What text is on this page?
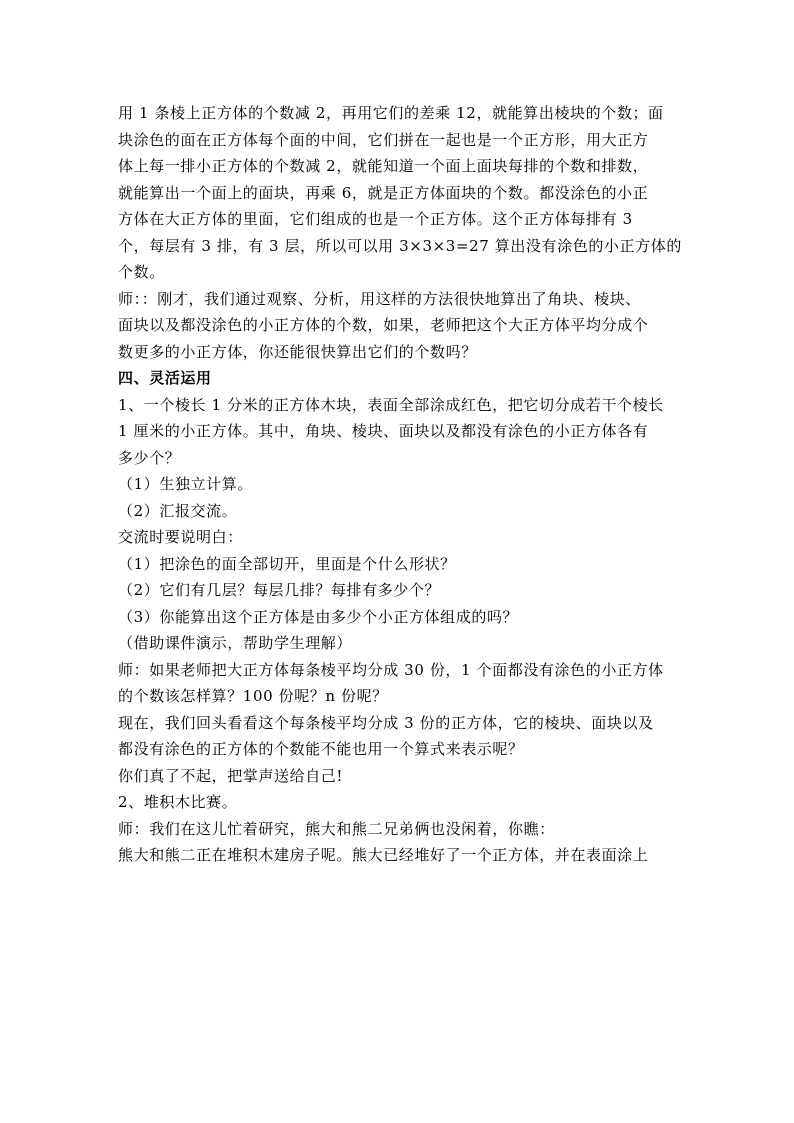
用 1 条棱上正方体的个数减 2，再用它们的差乘 12，就能算出棱块的个数；面
块涂色的面在正方体每个面的中间，它们拼在一起也是一个正方形，用大正方
体上每一排小正方体的个数减 2，就能知道一个面上面块每排的个数和排数，
就能算出一个面上的面块，再乘 6，就是正方体面块的个数。都没涂色的小正
方体在大正方体的里面，它们组成的也是一个正方体。这个正方体每排有 3
个，每层有 3 排，有 3 层，所以可以用 3×3×3=27 算出没有涂色的小正方体的
个数。
师：：刚才，我们通过观察、分析，用这样的方法很快地算出了角块、棱块、
面块以及都没涂色的小正方体的个数，如果，老师把这个大正方体平均分成个
数更多的小正方体，你还能很快算出它们的个数吗？
四、灵活运用
1、一个棱长 1 分米的正方体木块，表面全部涂成红色，把它切分成若干个棱长
1 厘米的小正方体。其中，角块、棱块、面块以及都没有涂色的小正方体各有
多少个？
（1）生独立计算。
（2）汇报交流。
交流时要说明白：
（1）把涂色的面全部切开，里面是个什么形状？
（2）它们有几层？每层几排？每排有多少个？
（3）你能算出这个正方体是由多少个小正方体组成的吗？
（借助课件演示，帮助学生理解）
师：如果老师把大正方体每条棱平均分成 30 份，1 个面都没有涂色的小正方体
的个数该怎样算？100 份呢？n 份呢？
现在，我们回头看看这个每条棱平均分成 3 份的正方体，它的棱块、面块以及
都没有涂色的正方体的个数能不能也用一个算式来表示呢？
你们真了不起，把掌声送给自己!
2、堆积木比赛。
师：我们在这儿忙着研究，熊大和熊二兄弟俩也没闲着，你瞧：
熊大和熊二正在堆积木建房子呢。熊大已经堆好了一个正方体，并在表面涂上
